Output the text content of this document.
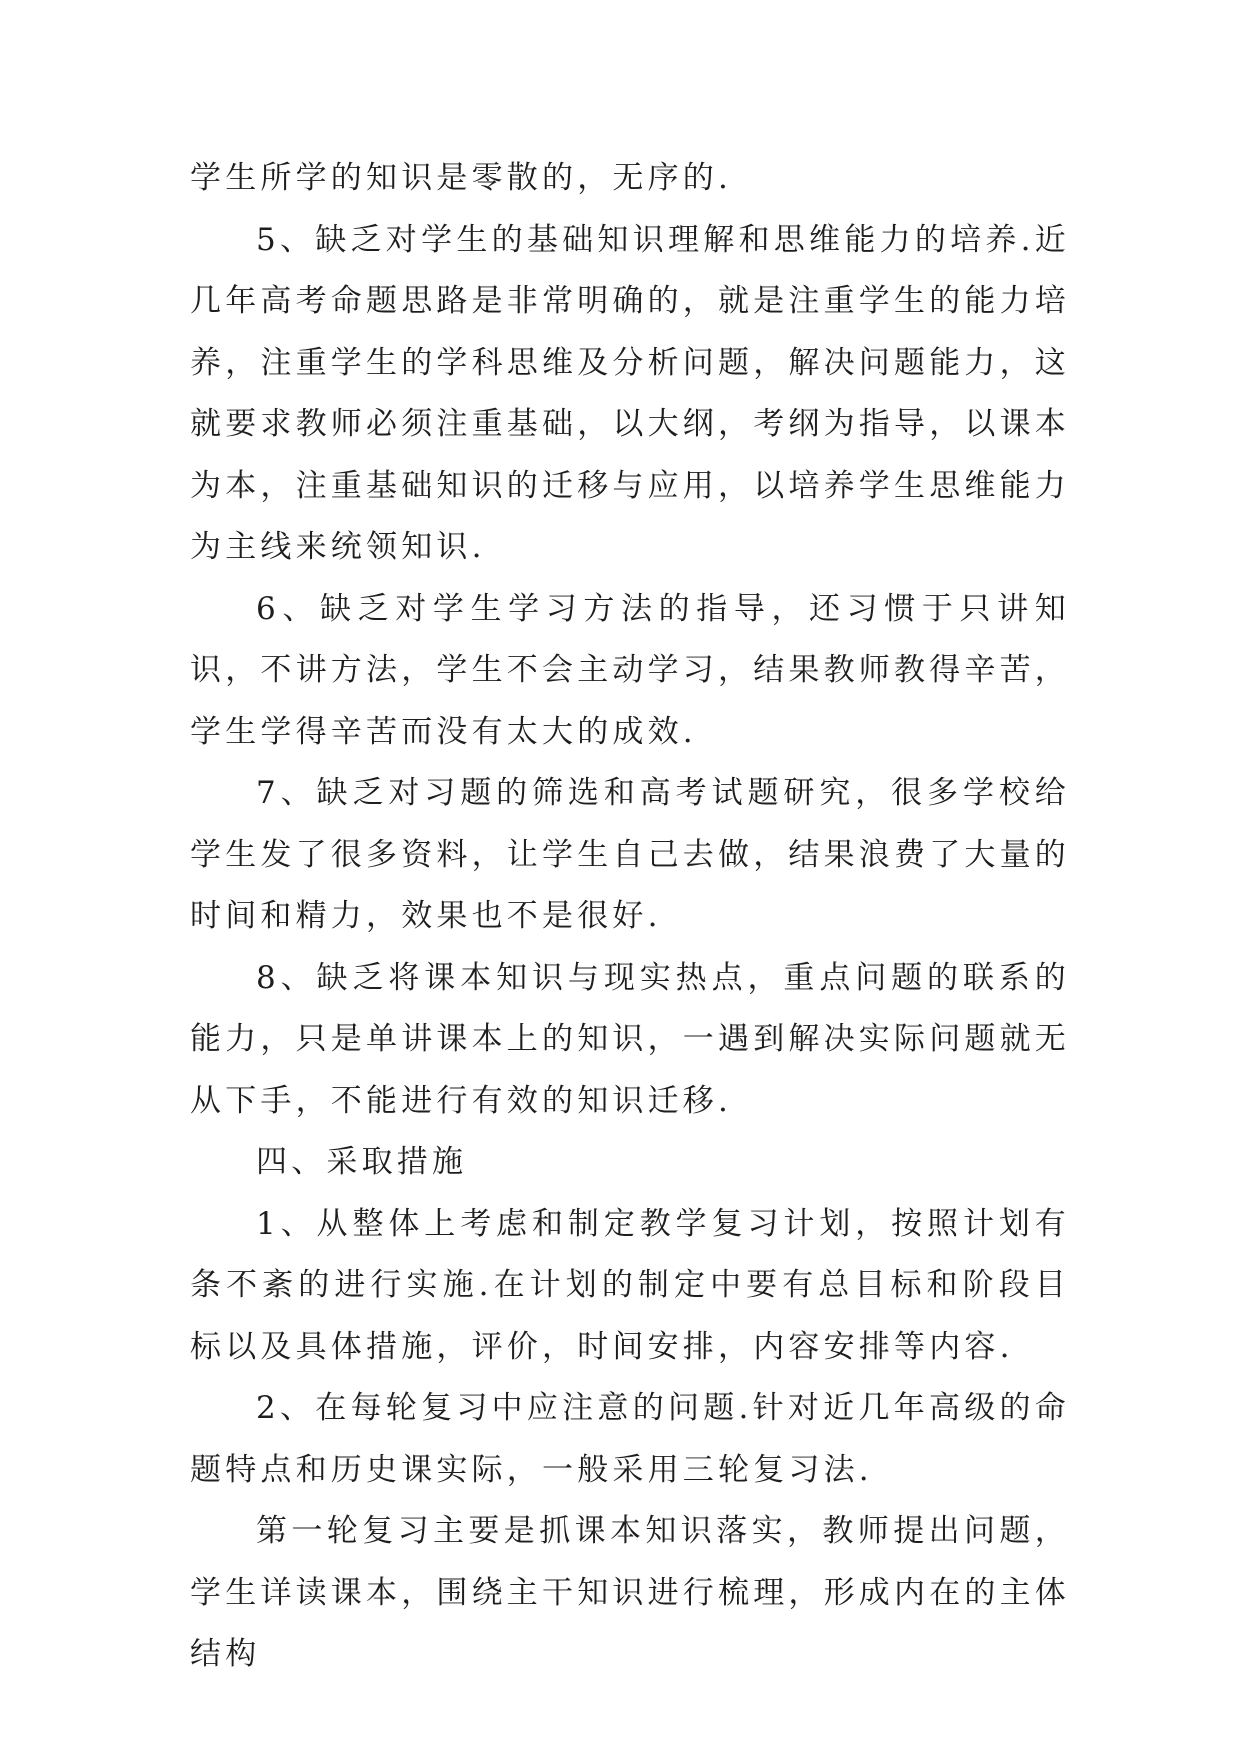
学生所学的知识是零散的，无序的.

5、缺乏对学生的基础知识理解和思维能力的培养.近几年高考命题思路是非常明确的，就是注重学生的能力培养，注重学生的学科思维及分析问题，解决问题能力，这就要求教师必须注重基础，以大纲，考纲为指导，以课本为本，注重基础知识的迁移与应用，以培养学生思维能力为主线来统领知识.

6、缺乏对学生学习方法的指导，还习惯于只讲知识，不讲方法，学生不会主动学习，结果教师教得辛苦，学生学得辛苦而没有太大的成效.

7、缺乏对习题的筛选和高考试题研究，很多学校给学生发了很多资料，让学生自己去做，结果浪费了大量的时间和精力，效果也不是很好.

8、缺乏将课本知识与现实热点，重点问题的联系的能力，只是单讲课本上的知识，一遇到解决实际问题就无从下手，不能进行有效的知识迁移.

四、采取措施

1、从整体上考虑和制定教学复习计划，按照计划有条不紊的进行实施.在计划的制定中要有总目标和阶段目标以及具体措施，评价，时间安排，内容安排等内容.

2、在每轮复习中应注意的问题.针对近几年高级的命题特点和历史课实际，一般采用三轮复习法.

第一轮复习主要是抓课本知识落实，教师提出问题，学生详读课本，围绕主干知识进行梳理，形成内在的主体结构
